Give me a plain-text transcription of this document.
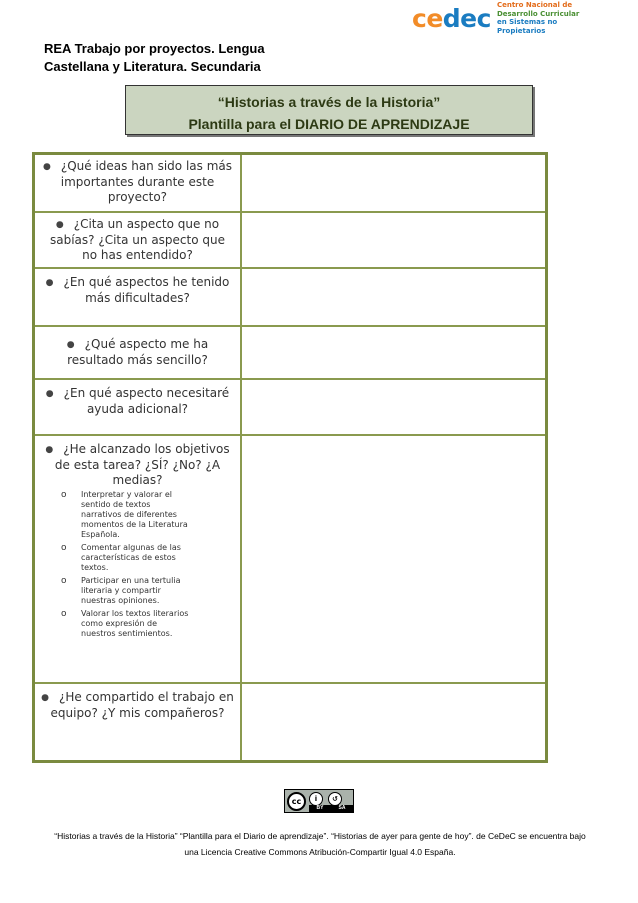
cedec Centro Nacional de
Desarrollo Curricular
en Sistemas no Propietarios
REA Trabajo por proyectos. Lengua
Castellana y Literatura. Secundaria
“Historias a través de la Historia”
Plantilla para el DIARIO DE APRENDIZAJE
● ¿Qué ideas han sido las más importantes durante este proyecto?
● ¿Cita un aspecto que no sabías? ¿Cita un aspecto que no has entendido?
● ¿En qué aspectos he tenido más dificultades?
● ¿Qué aspecto me ha resultado más sencillo?
● ¿En qué aspecto necesitaré ayuda adicional?
● ¿He alcanzado los objetivos de esta tarea? ¿SÍ? ¿No? ¿A medias?
o	Interpretar y valorar el sentido de textos narrativos de diferentes momentos de la Literatura Española.
o	Comentar algunas de las características de estos textos.
o	Participar en una tertulia literaria y compartir nuestras opiniones.
o	Valorar los textos literarios como expresión de nuestros sentimientos.
● ¿He compartido el trabajo en equipo? ¿Y mis compañeros?
cc	i	↺
BY	SA
“Historias a través de la Historia” “Plantilla para el Diario de aprendizaje”. “Historias de ayer para gente de hoy”. de CeDeC se encuentra bajo
una Licencia Creative Commons Atribución-Compartir Igual 4.0 España.
